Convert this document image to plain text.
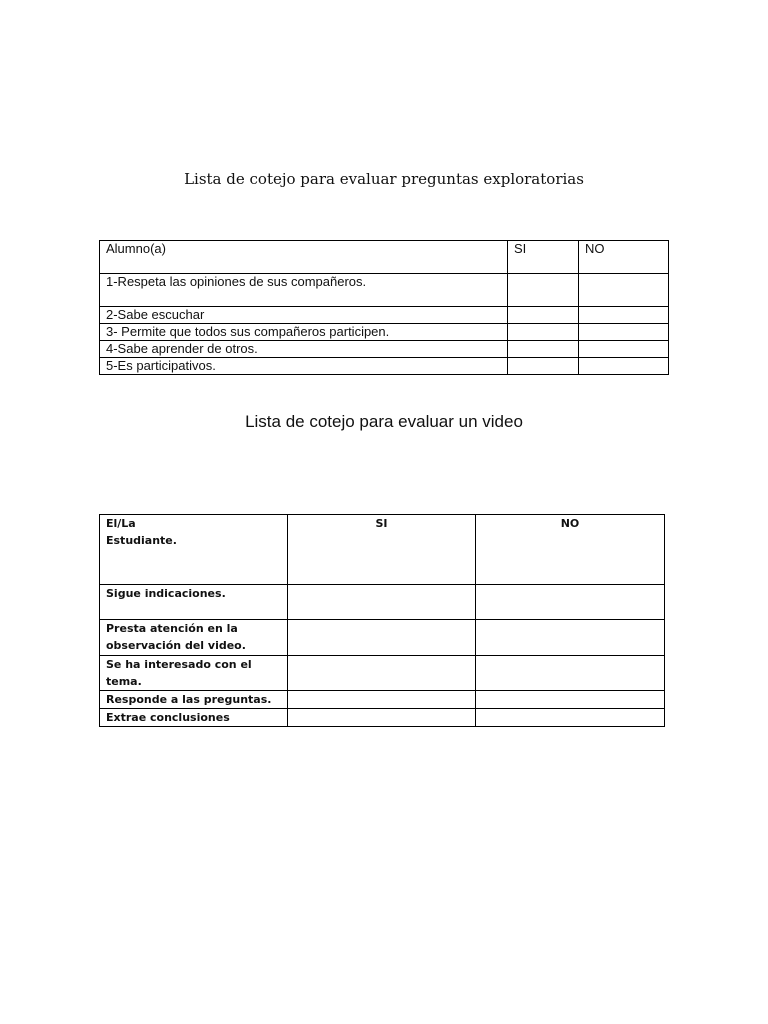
Lista de cotejo para evaluar preguntas exploratorias
Alumno(a)	SI	NO
1-Respeta las opiniones de sus compañeros.		
2-Sabe escuchar		
3- Permite que todos sus compañeros participen.		
4-Sabe aprender de otros.		
5-Es participativos.		
Lista de cotejo para evaluar un video
El/La
Estudiante.	SI	NO

Sigue indicaciones.		

Presta atención en la
observación del video.		

Se ha interesado con el tema.		

Responde a las preguntas.		

Extrae conclusiones		
